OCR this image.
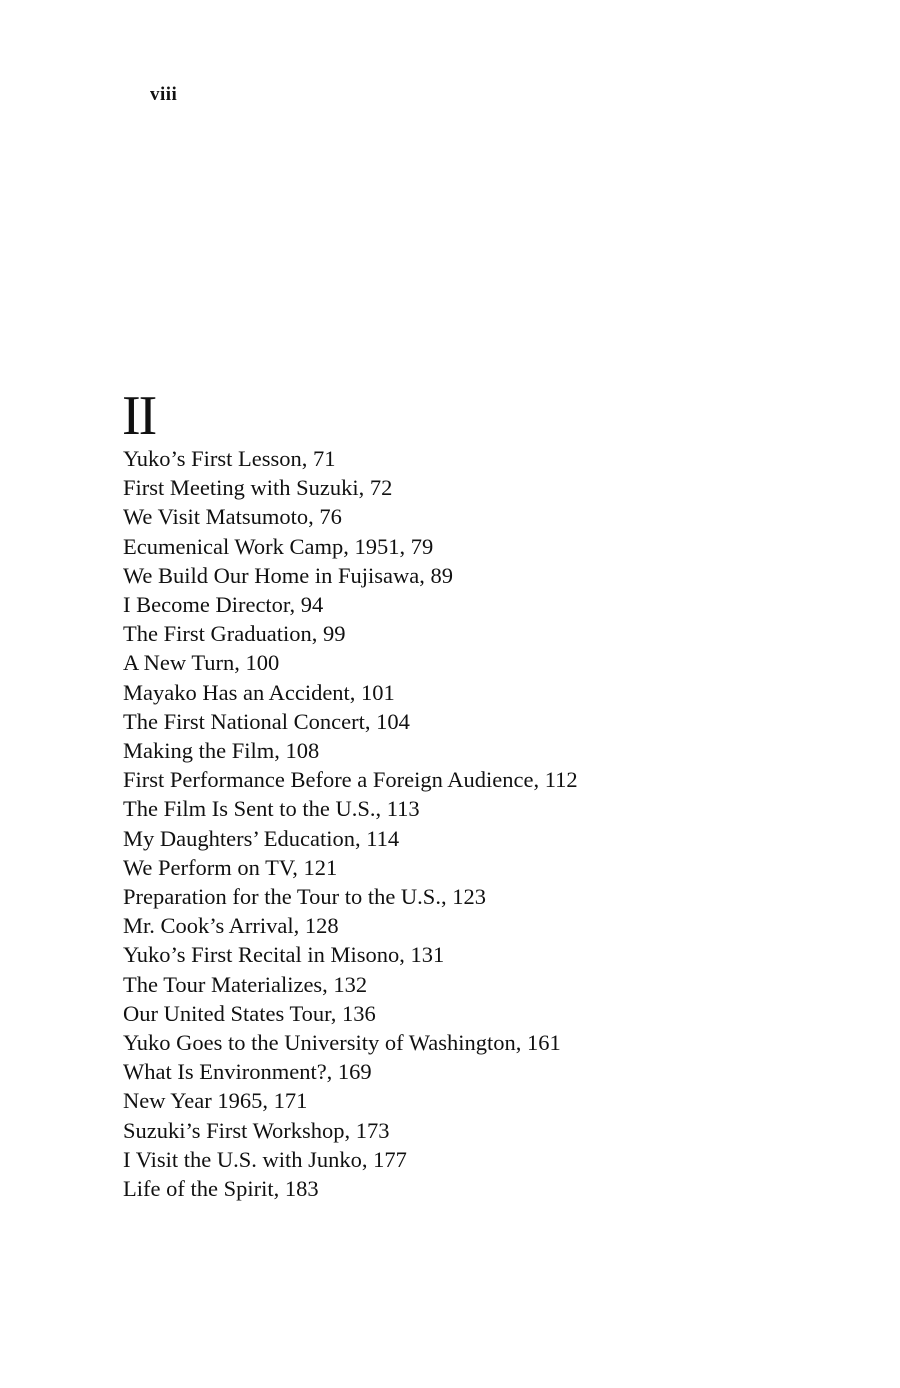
viii
II
Yuko’s First Lesson, 71
First Meeting with Suzuki, 72
We Visit Matsumoto, 76
Ecumenical Work Camp, 1951, 79
We Build Our Home in Fujisawa, 89
I Become Director, 94
The First Graduation, 99
A New Turn, 100
Mayako Has an Accident, 101
The First National Concert, 104
Making the Film, 108
First Performance Before a Foreign Audience, 112
The Film Is Sent to the U.S., 113
My Daughters’ Education, 114
We Perform on TV, 121
Preparation for the Tour to the U.S., 123
Mr. Cook’s Arrival, 128
Yuko’s First Recital in Misono, 131
The Tour Materializes, 132
Our United States Tour, 136
Yuko Goes to the University of Washington, 161
What Is Environment?, 169
New Year 1965, 171
Suzuki’s First Workshop, 173
I Visit the U.S. with Junko, 177
Life of the Spirit, 183
